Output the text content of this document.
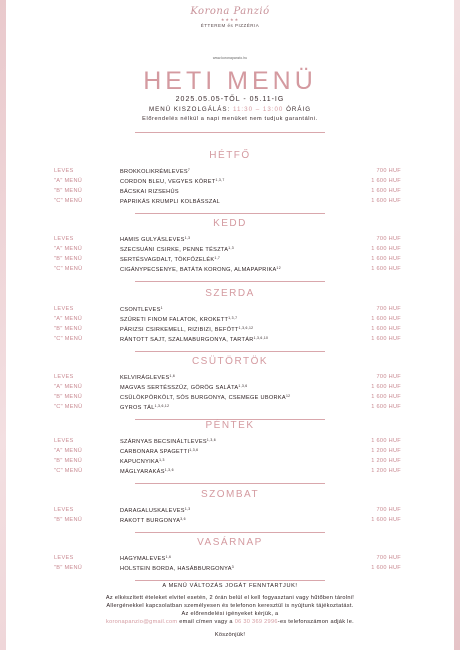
Korona Panzió
★★★★
ÉTTEREM és PIZZÉRIA
www.koronapanzio.hu
HETI MENÜ
2025.05.05-TŐL - 05.11-IG
MENÜ KISZOLGÁLÁS: 11:30 – 13:00 ÓRÁIG
Előrendelés nélkül a napi menüket nem tudjuk garantálni.
HÉTFŐ
LEVES	BROKKOLIKRÉMLEVES$^7$	700 HUF
"A" MENÜ	CORDON BLEU, VEGYES KÖRET$^{1,3,7}$	1 600 HUF
"B" MENÜ	BÁCSKAI RIZSEHÚS	1 600 HUF
"C" MENÜ	PAPRIKÁS KRUMPLI KOLBÁSSZAL	1 600 HUF
KEDD
LEVES	HAMIS GULYÁSLEVES$^{1,3}$	700 HUF
"A" MENÜ	SZECSUÁNI CSIRKE, PENNE TÉSZTA$^{1,3}$	1 600 HUF
"B" MENÜ	SERTÉSVAGDALT, TÖKFŐZELÉK$^{1,7}$	1 600 HUF
"C" MENÜ	CIGÁNYPECSENYE, BATÁTA KORONG, ALMAPAPRIKA$^{12}$	1 600 HUF
SZERDA
LEVES	CSONTLEVES$^1$	700 HUF
"A" MENÜ	SZÜRETI FINOM FALATOK, KROKETT$^{1,3,7}$	1 600 HUF
"B" MENÜ	PÁRIZSI CSIRKEMELL, RIZIBIZI, BEFŐTT$^{1,3,6,12}$	1 600 HUF
"C" MENÜ	RÁNTOTT SAJT, SZALMABURGONYA, TARTÁR$^{1,3,6,10}$	1 600 HUF
CSÜTÖRTÖK
LEVES	KELVIRÁGLEVES$^{1,6}$	700 HUF
"A" MENÜ	MAGVAS SERTÉSSZŰZ, GÖRÖG SALÁTA$^{1,3,6}$	1 600 HUF
"B" MENÜ	CSÜLÖKPÖRKÖLT, SÓS BURGONYA, CSEMEGE UBORKA$^{12}$	1 600 HUF
"C" MENÜ	GYROS TÁL$^{1,3,6,12}$	1 600 HUF
PÉNTEK
LEVES	SZÁRNYAS BECSINÁLTLEVES$^{1,3,6}$	1 600 HUF
"A" MENÜ	CARBONARA SPAGETTI$^{1,3,6}$	1 200 HUF
"B" MENÜ	KAPUCNYIKA$^{1,3}$	1 200 HUF
"C" MENÜ	MÁGLYARAKÁS$^{1,3,6}$	1 200 HUF
SZOMBAT
LEVES	DARAGALUSKALEVES$^{1,3}$	700 HUF
"B" MENÜ	RAKOTT BURGONYA$^{3,6}$	1 600 HUF
VASÁRNAP
LEVES	HAGYMALEVES$^{1,6}$	700 HUF
"B" MENÜ	HOLSTEIN BORDA, HASÁBBURGONYA$^3$	1 600 HUF
A MENÜ VÁLTOZÁS JOGÁT FENNTARTJUK!
Az elkészített ételeket elvitel esetén, 2 órán belül el kell fogyasztani vagy hűtőben tárolni!
Allergénekkel kapcsolatban személyesen és telefonon keresztül is nyújtunk tájékoztatást.
Az előrendelési igényeket kérjük, a
koronapanzio@gmail.com email címen vagy a 06 30 369 2996-es telefonszámon adják le.
Köszönjük!
